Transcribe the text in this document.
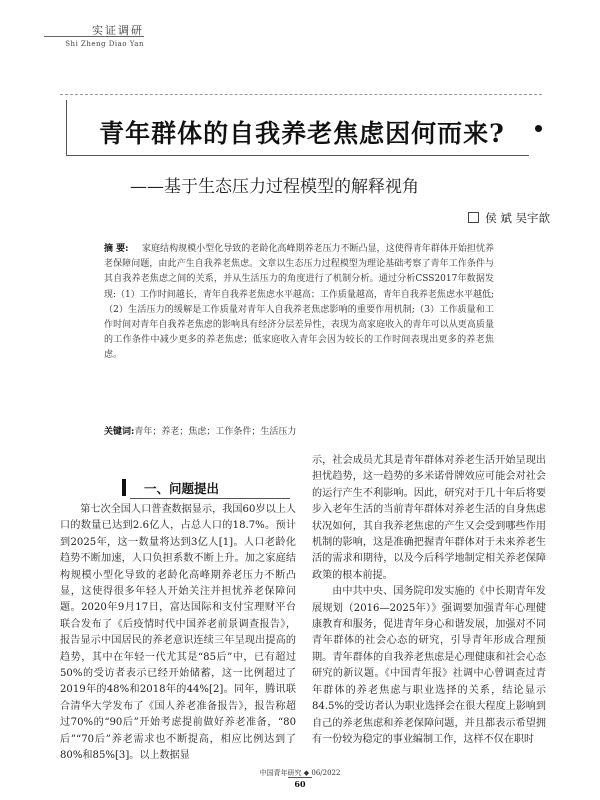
实证调研
Shi Zheng Diao Yan
青年群体的自我养老焦虑因何而来?
——基于生态压力过程模型的解释视角
侯 斌 吴宇歆
摘 要:	家庭结构规模小型化导致的老龄化高峰期养老压力不断凸显，这使得青年群体开始担忧养老保障问题，由此产生自我养老焦虑。文章以生态压力过程模型为理论基础考察了青年工作条件与其自我养老焦虑之间的关系，并从生活压力的角度进行了机制分析。通过分析CSS2017年数据发现:（1）工作时间越长，青年自我养老焦虑水平越高；工作质量越高，青年自我养老焦虑水平越低;（2）生活压力的缓解是工作质量对青年人自我养老焦虑影响的重要作用机制;（3）工作质量和工作时间对青年自我养老焦虑的影响具有经济分层差异性，表现为高家庭收入的青年可以从更高质量的工作条件中减少更多的养老焦虑；低家庭收入青年会因为较长的工作时间表现出更多的养老焦虑。

关键词:青年；养老；焦虑；工作条件；生活压力
一、问题提出

第七次全国人口普查数据显示，我国60岁以上人口的数量已达到2.6亿人，占总人口的18.7%。预计到2025年，这一数量将达到3亿人[1]。人口老龄化趋势不断加速，人口负担系数不断上升。加之家庭结构规模小型化导致的老龄化高峰期养老压力不断凸显，这使得很多年轻人开始关注并担忧养老保障问题。2020年9月17日，富达国际和支付宝理财平台联合发布了《后疫情时代中国养老前景调查报告》，报告显示中国居民的养老意识连续三年呈现出提高的趋势，其中在年轻一代尤其是“85后”中，已有超过50%的受访者表示已经开始储蓄，这一比例超过了2019年的48%和2018年的44%[2]。同年，腾讯联合清华大学发布了《国人养老准备报告》，报告称超过70%的“90后”开始考虑提前做好养老准备，“80后”“70后”养老需求也不断提高，相应比例达到了80%和85%[3]。以上数据显

示，社会成员尤其是青年群体对养老生活开始呈现出担忧趋势，这一趋势的多米诺骨牌效应可能会对社会的运行产生不利影响。因此，研究对于几十年后将要步入老年生活的当前青年群体对养老生活的自身焦虑状况如何，其自我养老焦虑的产生又会受到哪些作用机制的影响，这是准确把握青年群体对于未来养老生活的需求和期待，以及今后科学地制定相关养老保障政策的根本前提。

由中共中央、国务院印发实施的《中长期青年发展规划（2016—2025年）》强调要加强青年心理健康教育和服务，促进青年身心和谐发展，加强对不同青年群体的社会心态的研究，引导青年形成合理预期。青年群体的自我养老焦虑是心理健康和社会心态研究的新议题。《中国青年报》社调中心曾调查过青年群体的养老焦虑与职业选择的关系，结论显示84.5%的受访者认为职业选择会在很大程度上影响到自己的养老焦虑和养老保障问题，并且都表示希望拥有一份较为稳定的事业编制工作，这样不仅在职时

中国青年研究 ◆ 06/2022
60
